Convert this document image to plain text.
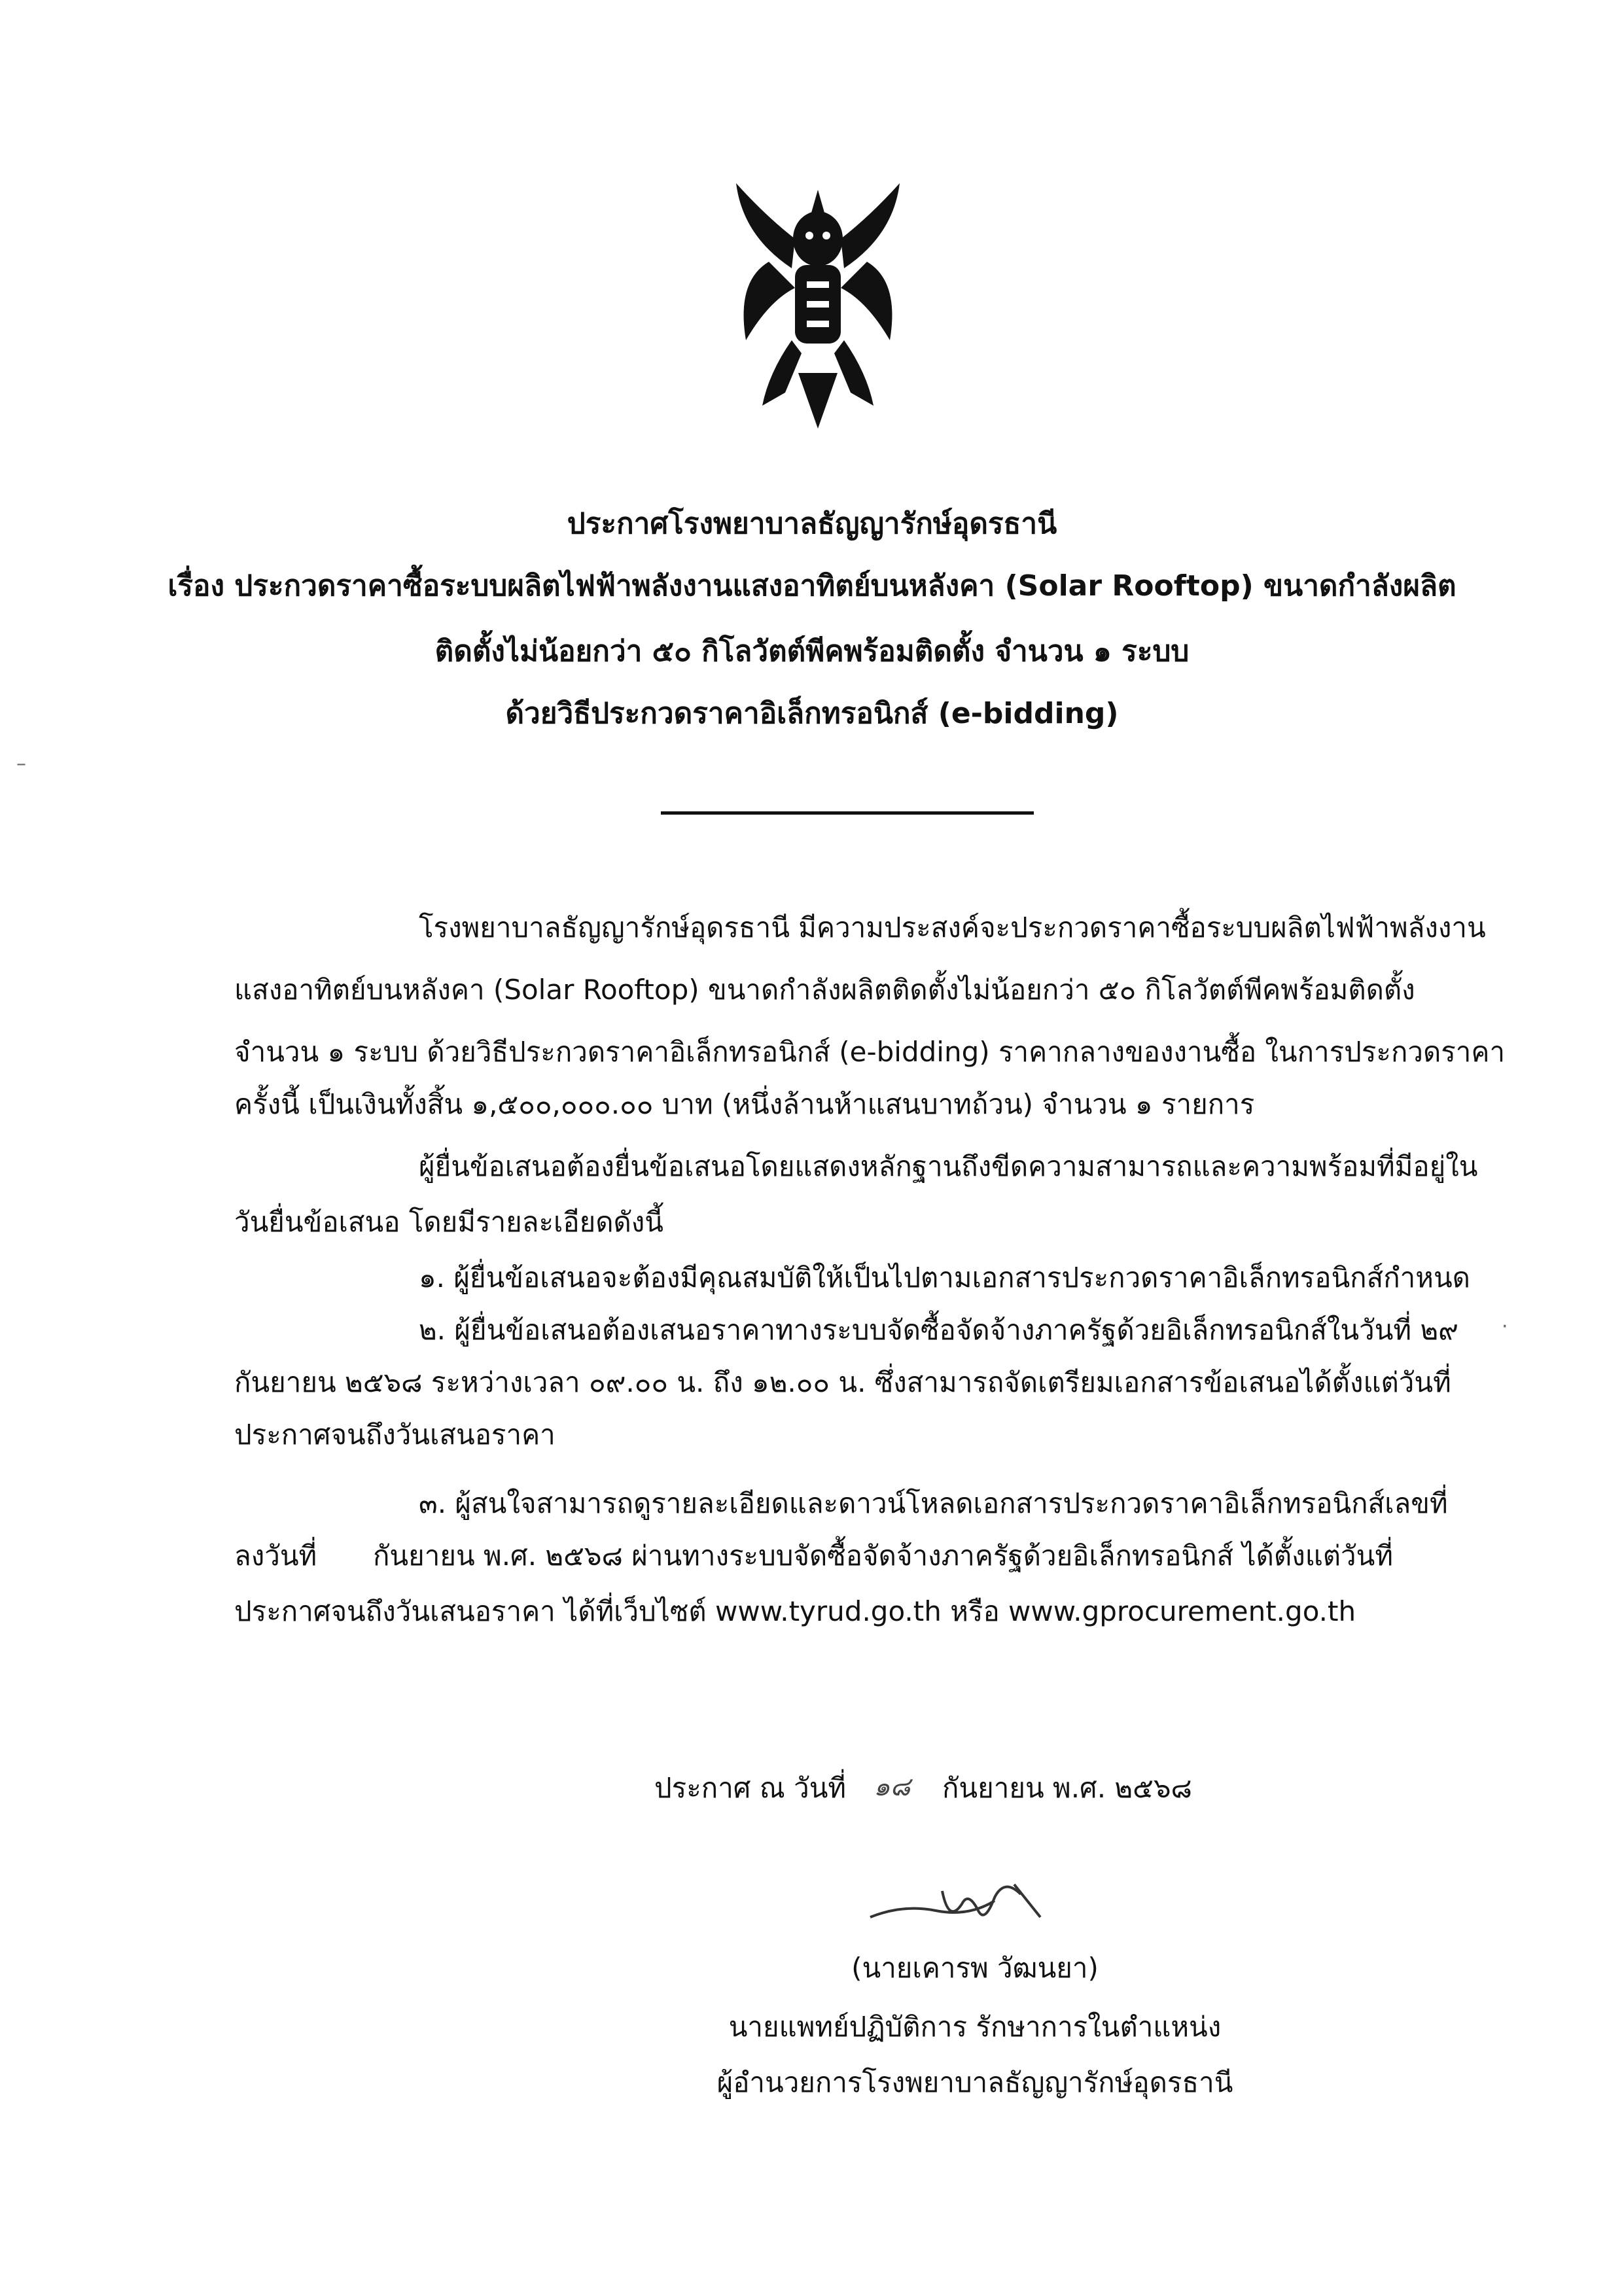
ประกาศโรงพยาบาลธัญญารักษ์อุดรธานี
เรื่อง ประกวดราคาซื้อระบบผลิตไฟฟ้าพลังงานแสงอาทิตย์บนหลังคา (Solar Rooftop) ขนาดกำลังผลิต
ติดตั้งไม่น้อยกว่า ๕๐ กิโลวัตต์พีคพร้อมติดตั้ง จำนวน ๑ ระบบ
ด้วยวิธีประกวดราคาอิเล็กทรอนิกส์ (e-bidding)
โรงพยาบาลธัญญารักษ์อุดรธานี มีความประสงค์จะประกวดราคาซื้อระบบผลิตไฟฟ้าพลังงาน
แสงอาทิตย์บนหลังคา (Solar Rooftop) ขนาดกำลังผลิตติดตั้งไม่น้อยกว่า ๕๐ กิโลวัตต์พีคพร้อมติดตั้ง
จำนวน ๑ ระบบ ด้วยวิธีประกวดราคาอิเล็กทรอนิกส์ (e-bidding) ราคากลางของงานซื้อ ในการประกวดราคา
ครั้งนี้ เป็นเงินทั้งสิ้น ๑,๕๐๐,๐๐๐.๐๐ บาท (หนึ่งล้านห้าแสนบาทถ้วน) จำนวน ๑ รายการ
ผู้ยื่นข้อเสนอต้องยื่นข้อเสนอโดยแสดงหลักฐานถึงขีดความสามารถและความพร้อมที่มีอยู่ใน
วันยื่นข้อเสนอ โดยมีรายละเอียดดังนี้
๑. ผู้ยื่นข้อเสนอจะต้องมีคุณสมบัติให้เป็นไปตามเอกสารประกวดราคาอิเล็กทรอนิกส์กำหนด
๒. ผู้ยื่นข้อเสนอต้องเสนอราคาทางระบบจัดซื้อจัดจ้างภาครัฐด้วยอิเล็กทรอนิกส์ในวันที่ ๒๙
กันยายน ๒๕๖๘ ระหว่างเวลา ๐๙.๐๐ น. ถึง ๑๒.๐๐ น. ซึ่งสามารถจัดเตรียมเอกสารข้อเสนอได้ตั้งแต่วันที่
ประกาศจนถึงวันเสนอราคา
๓. ผู้สนใจสามารถดูรายละเอียดและดาวน์โหลดเอกสารประกวดราคาอิเล็กทรอนิกส์เลขที่
ลงวันที่ กันยายน พ.ศ. ๒๕๖๘ ผ่านทางระบบจัดซื้อจัดจ้างภาครัฐด้วยอิเล็กทรอนิกส์ ได้ตั้งแต่วันที่
ประกาศจนถึงวันเสนอราคา ได้ที่เว็บไซต์ www.tyrud.go.th หรือ www.gprocurement.go.th
ประกาศ ณ วันที่ ๑๘ กันยายน พ.ศ. ๒๕๖๘
(นายเคารพ วัฒนยา)
นายแพทย์ปฏิบัติการ รักษาการในตำแหน่ง
ผู้อำนวยการโรงพยาบาลธัญญารักษ์อุดรธานี
–
·
